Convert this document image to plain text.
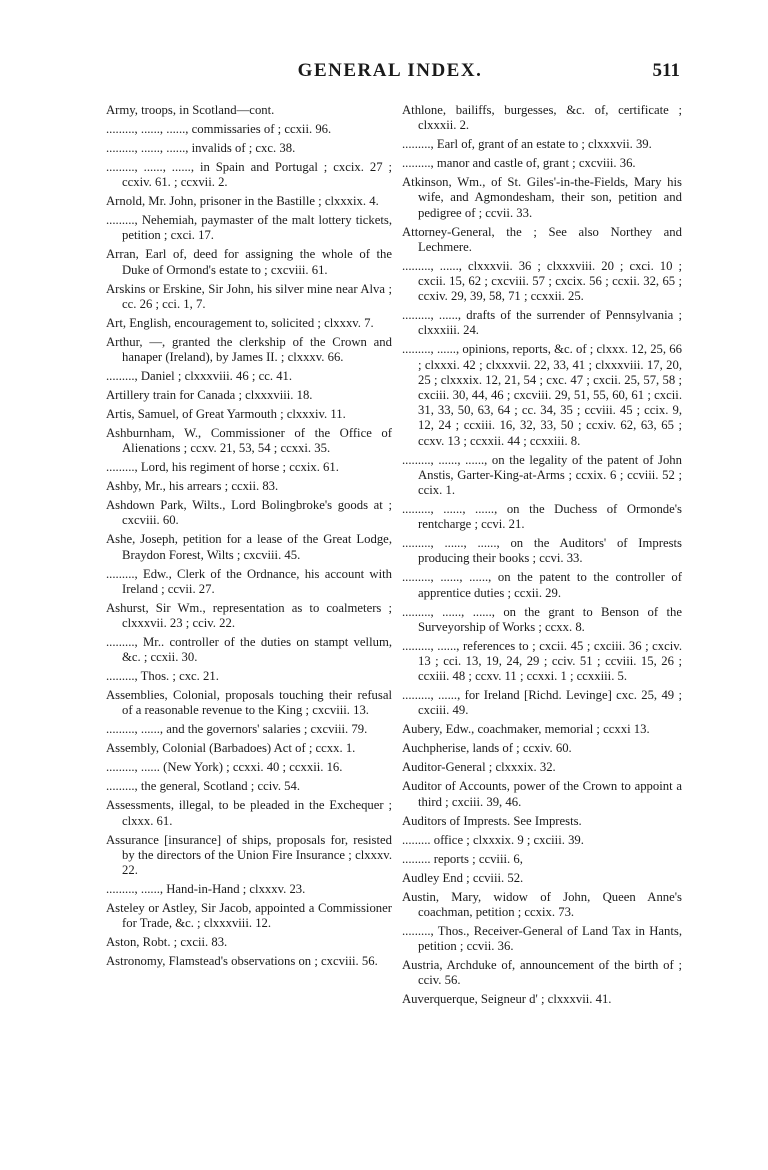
GENERAL INDEX.	511

Army, troops, in Scotland—cont.

........., ......, ......, commissaries of ; ccxii. 96.

........., ......, ......, invalids of ; cxc. 38.

........., ......, ......, in Spain and Portugal ; cxcix. 27 ; ccxiv. 61. ; ccxvii. 2.

Arnold, Mr. John, prisoner in the Bastille ; clxxxix. 4.

........., Nehemiah, paymaster of the malt lottery tickets, petition ; cxci. 17.

Arran, Earl of, deed for assigning the whole of the Duke of Ormond's estate to ; cxcviii. 61.

Arskins or Erskine, Sir John, his silver mine near Alva ; cc. 26 ; cci. 1, 7.

Art, English, encouragement to, solicited ; clxxxv. 7.

Arthur, —, granted the clerkship of the Crown and hanaper (Ireland), by James II. ; clxxxv. 66.

........., Daniel ; clxxxviii. 46 ; cc. 41.

Artillery train for Canada ; clxxxviii. 18.

Artis, Samuel, of Great Yarmouth ; clxxxiv. 11.

Ashburnham, W., Commissioner of the Office of Alienations ; ccxv. 21, 53, 54 ; ccxxi. 35.

........., Lord, his regiment of horse ; ccxix. 61.

Ashby, Mr., his arrears ; ccxii. 83.

Ashdown Park, Wilts., Lord Bolingbroke's goods at ; cxcviii. 60.

Ashe, Joseph, petition for a lease of the Great Lodge, Braydon Forest, Wilts ; cxcviii. 45.

........., Edw., Clerk of the Ordnance, his account with Ireland ; ccvii. 27.

Ashurst, Sir Wm., representation as to coalmeters ; clxxxvii. 23 ; cciv. 22.

........., Mr.. controller of the duties on stampt vellum, &c. ; ccxii. 30.

........., Thos. ; cxc. 21.

Assemblies, Colonial, proposals touching their refusal of a reasonable revenue to the King ; cxcviii. 13.

........., ......, and the governors' salaries ; cxcviii. 79.

Assembly, Colonial (Barbadoes) Act of ; ccxx. 1.

........., ...... (New York) ; ccxxi. 40 ; ccxxii. 16.

........., the general, Scotland ; cciv. 54.

Assessments, illegal, to be pleaded in the Exchequer ; clxxx. 61.

Assurance [insurance] of ships, proposals for, resisted by the directors of the Union Fire Insurance ; clxxxv. 22.

........., ......, Hand-in-Hand ; clxxxv. 23.

Asteley or Astley, Sir Jacob, appointed a Commissioner for Trade, &c. ; clxxxviii. 12.

Aston, Robt. ; cxcii. 83.

Astronomy, Flamstead's observations on ; cxcviii. 56.

Athlone, bailiffs, burgesses, &c. of, certificate ; clxxxii. 2.

........., Earl of, grant of an estate to ; clxxxvii. 39.

........., manor and castle of, grant ; cxcviii. 36.

Atkinson, Wm., of St. Giles'-in-the-Fields, Mary his wife, and Agmondesham, their son, petition and pedigree of ; ccvii. 33.

Attorney-General, the ; See also Northey and Lechmere.

........., ......, clxxxvii. 36 ; clxxxviii. 20 ; cxci. 10 ; cxcii. 15, 62 ; cxcviii. 57 ; cxcix. 56 ; ccxii. 32, 65 ; ccxiv. 29, 39, 58, 71 ; ccxxii. 25.

........., ......, drafts of the surrender of Pennsylvania ; clxxxiii. 24.

........., ......, opinions, reports, &c. of ; clxxx. 12, 25, 66 ; clxxxi. 42 ; clxxxvii. 22, 33, 41 ; clxxxviii. 17, 20, 25 ; clxxxix. 12, 21, 54 ; cxc. 47 ; cxcii. 25, 57, 58 ; cxciii. 30, 44, 46 ; cxcviii. 29, 51, 55, 60, 61 ; cxcii. 31, 33, 50, 63, 64 ; cc. 34, 35 ; ccviii. 45 ; ccix. 9, 12, 24 ; ccxiii. 16, 32, 33, 50 ; ccxiv. 62, 63, 65 ; ccxv. 13 ; ccxxii. 44 ; ccxxiii. 8.

........., ......, ......, on the legality of the patent of John Anstis, Garter-King-at-Arms ; ccxix. 6 ; ccviii. 52 ; ccix. 1.

........., ......, ......, on the Duchess of Ormonde's rentcharge ; ccvi. 21.

........., ......, ......, on the Auditors' of Imprests producing their books ; ccvi. 33.

........., ......, ......, on the patent to the controller of apprentice duties ; ccxii. 29.

........., ......, ......, on the grant to Benson of the Surveyorship of Works ; ccxx. 8.

........., ......, references to ; cxcii. 45 ; cxciii. 36 ; cxciv. 13 ; cci. 13, 19, 24, 29 ; cciv. 51 ; ccviii. 15, 26 ; ccxiii. 48 ; ccxv. 11 ; ccxxi. 1 ; ccxxiii. 5.

........., ......, for Ireland [Richd. Levinge] cxc. 25, 49 ; cxciii. 49.

Aubery, Edw., coachmaker, memorial ; ccxxi 13.

Auchpherise, lands of ; ccxiv. 60.

Auditor-General ; clxxxix. 32.

Auditor of Accounts, power of the Crown to appoint a third ; cxciii. 39, 46.

Auditors of Imprests. See Imprests.

......... office ; clxxxix. 9 ; cxciii. 39.

......... reports ; ccviii. 6,

Audley End ; ccviii. 52.

Austin, Mary, widow of John, Queen Anne's coachman, petition ; ccxix. 73.

........., Thos., Receiver-General of Land Tax in Hants, petition ; ccvii. 36.

Austria, Archduke of, announcement of the birth of ; cciv. 56.

Auverquerque, Seigneur d' ; clxxxvii. 41.
